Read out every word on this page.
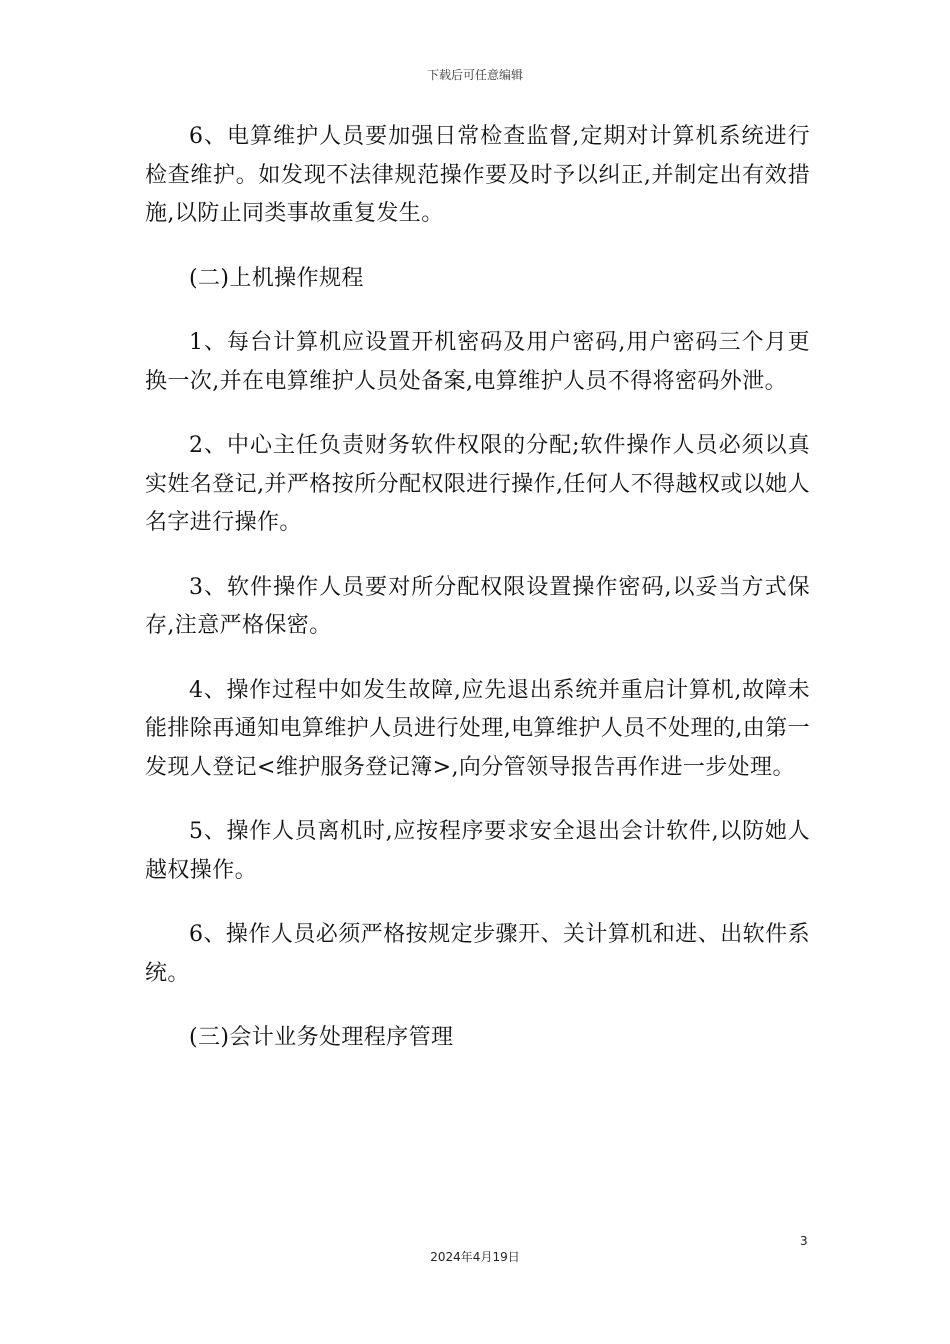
下载后可任意编辑

6、电算维护人员要加强日常检查监督,定期对计算机系统进行检查维护。如发现不法律规范操作要及时予以纠正,并制定出有效措施,以防止同类事故重复发生。

(二)上机操作规程

1、每台计算机应设置开机密码及用户密码,用户密码三个月更换一次,并在电算维护人员处备案,电算维护人员不得将密码外泄。

2、中心主任负责财务软件权限的分配;软件操作人员必须以真实姓名登记,并严格按所分配权限进行操作,任何人不得越权或以她人名字进行操作。

3、软件操作人员要对所分配权限设置操作密码,以妥当方式保存,注意严格保密。

4、操作过程中如发生故障,应先退出系统并重启计算机,故障未能排除再通知电算维护人员进行处理,电算维护人员不处理的,由第一发现人登记<维护服务登记簿>,向分管领导报告再作进一步处理。

5、操作人员离机时,应按程序要求安全退出会计软件,以防她人越权操作。

6、操作人员必须严格按规定步骤开、关计算机和进、出软件系统。

(三)会计业务处理程序管理

3
2024年4月19日
